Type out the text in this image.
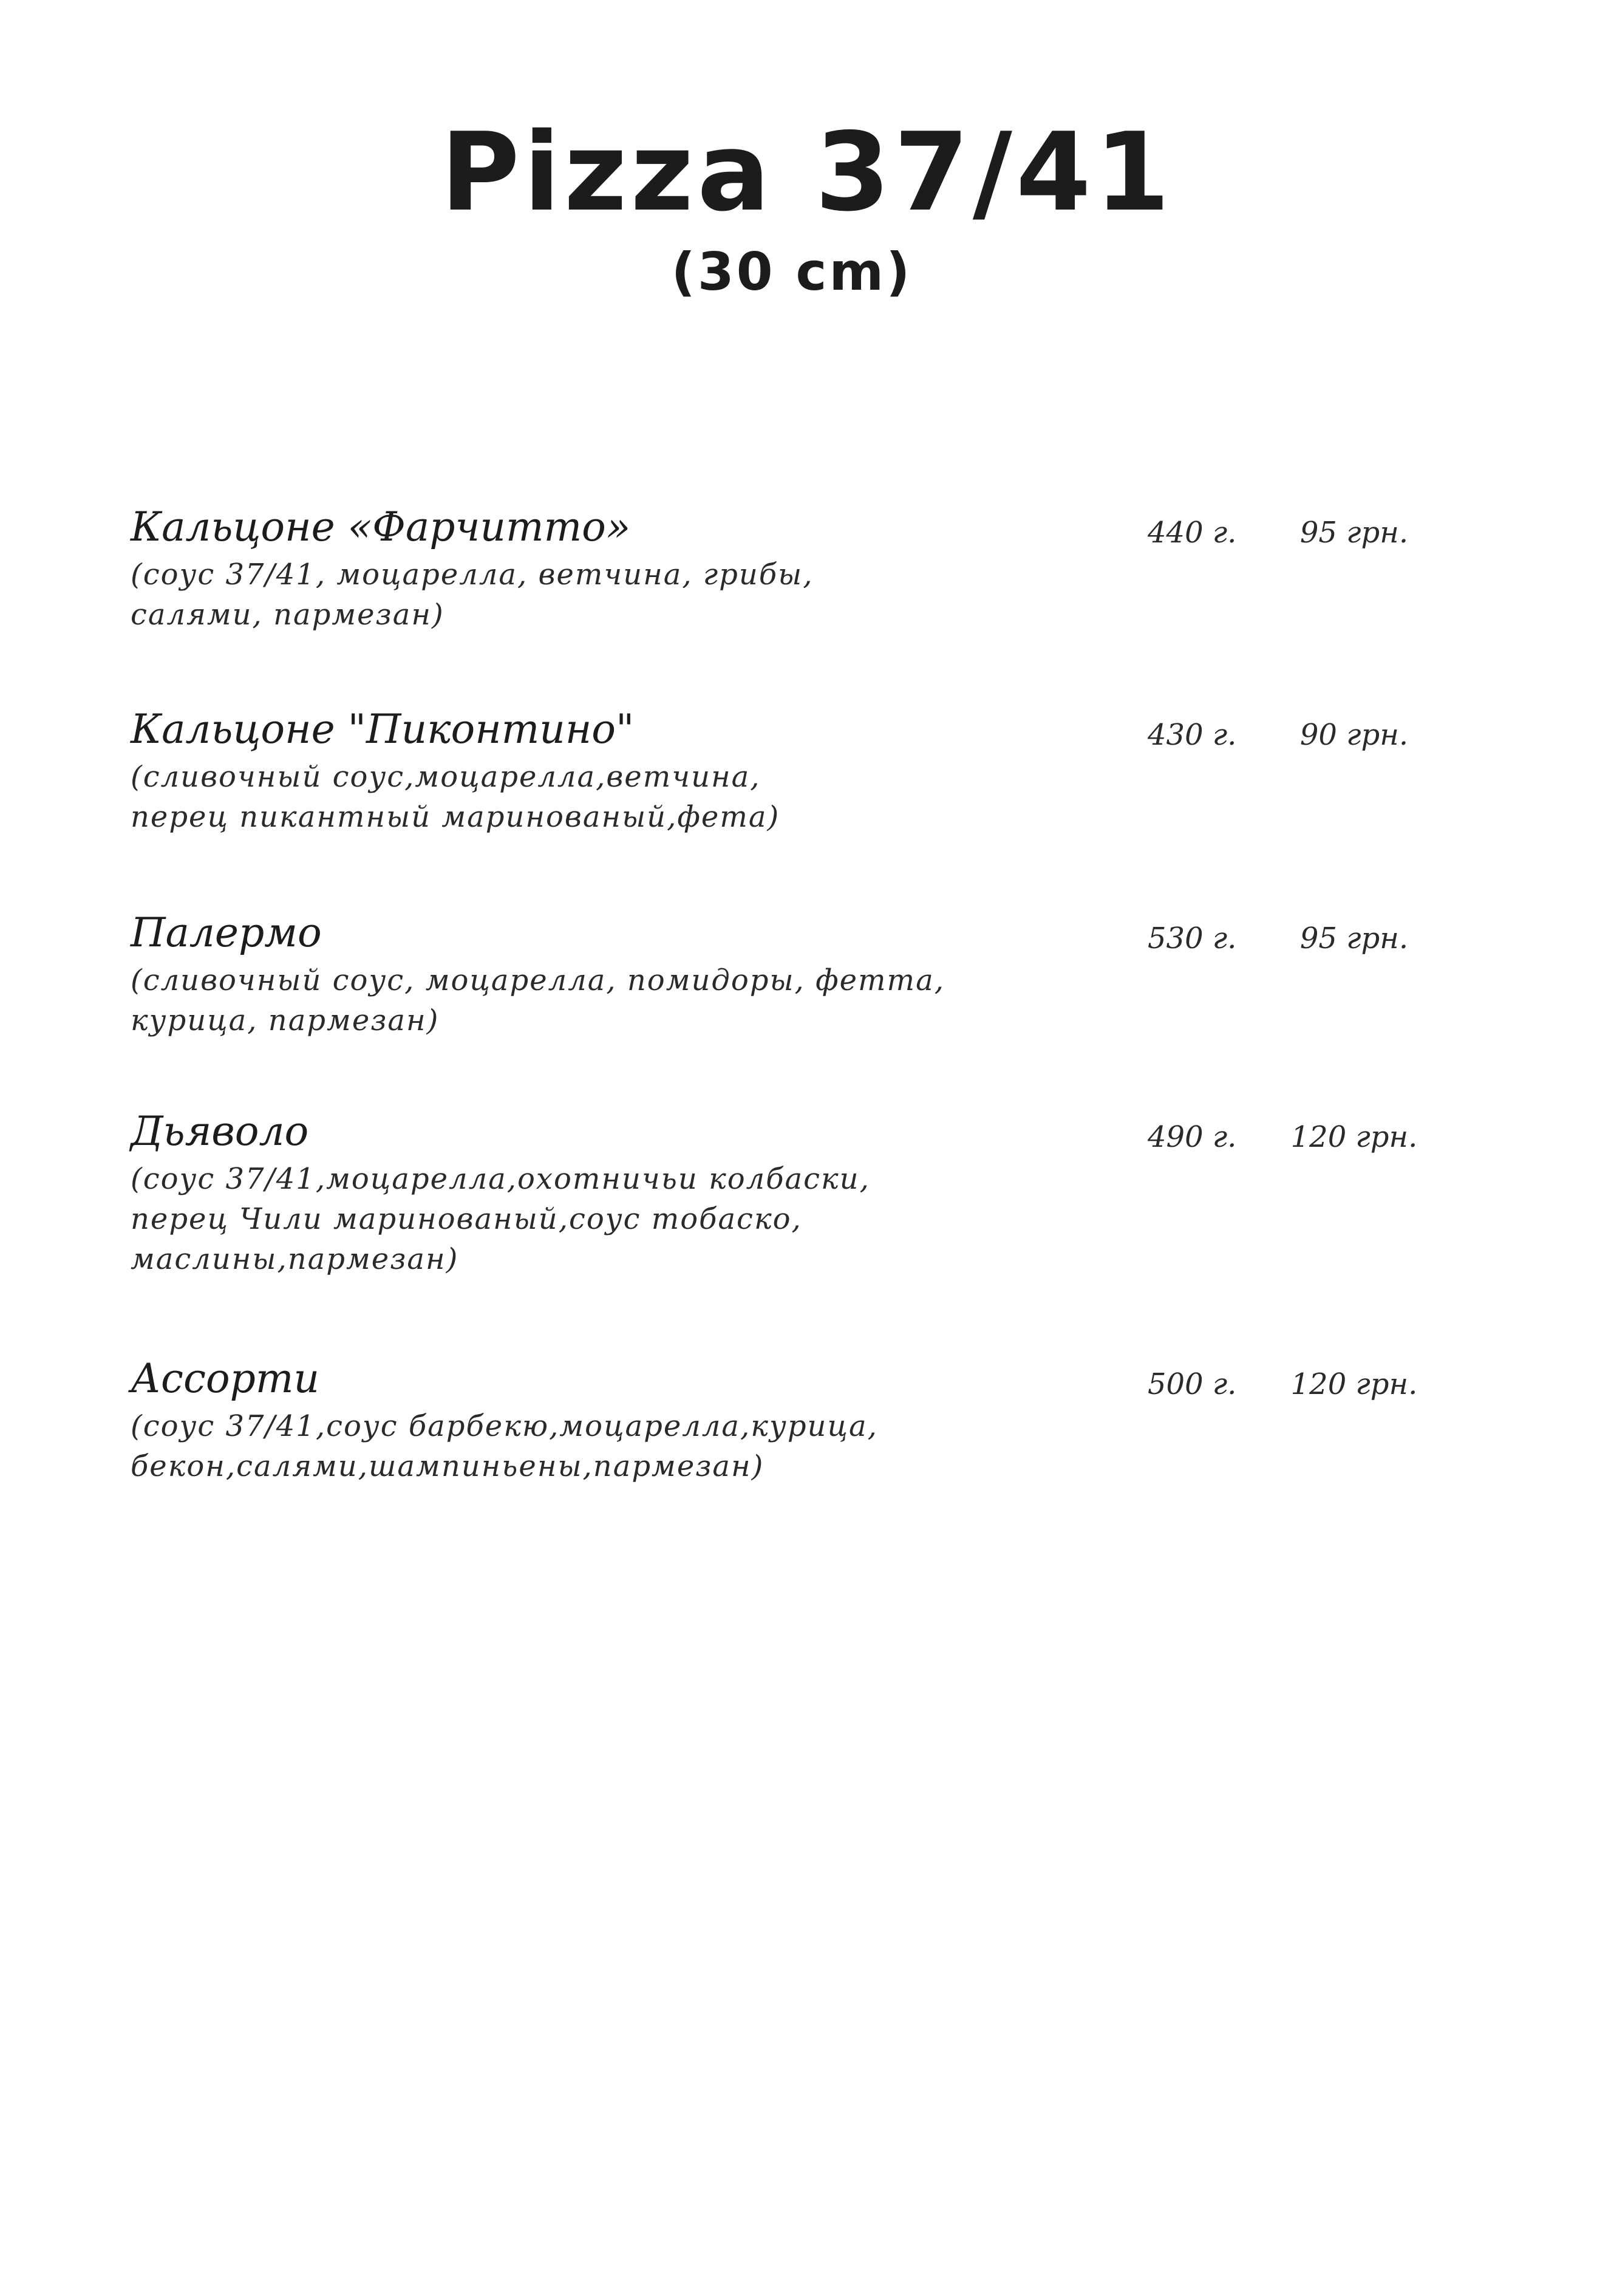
Pizza 37/41
(30 cm)
Кальцоне «Фарчитто»
(соус 37/41, моцарелла, ветчина, грибы,
салями, пармезан)
440 г.	95 грн.
Кальцоне "Пиконтино"
(сливочный соус,моцарелла,ветчина,
перец пикантный маринованый,фета)
430 г.	90 грн.
Палермо
(сливочный соус, моцарелла, помидоры, фетта,
курица, пармезан)
530 г.	95 грн.
Дьяволо
(соус 37/41,моцарелла,охотничьи колбаски,
перец Чили маринованый,соус тобаско,
маслины,пармезан)
490 г.	120 грн.
Ассорти
(соус 37/41,соус барбекю,моцарелла,курица,
бекон,салями,шампиньены,пармезан)
500 г.	120 грн.
